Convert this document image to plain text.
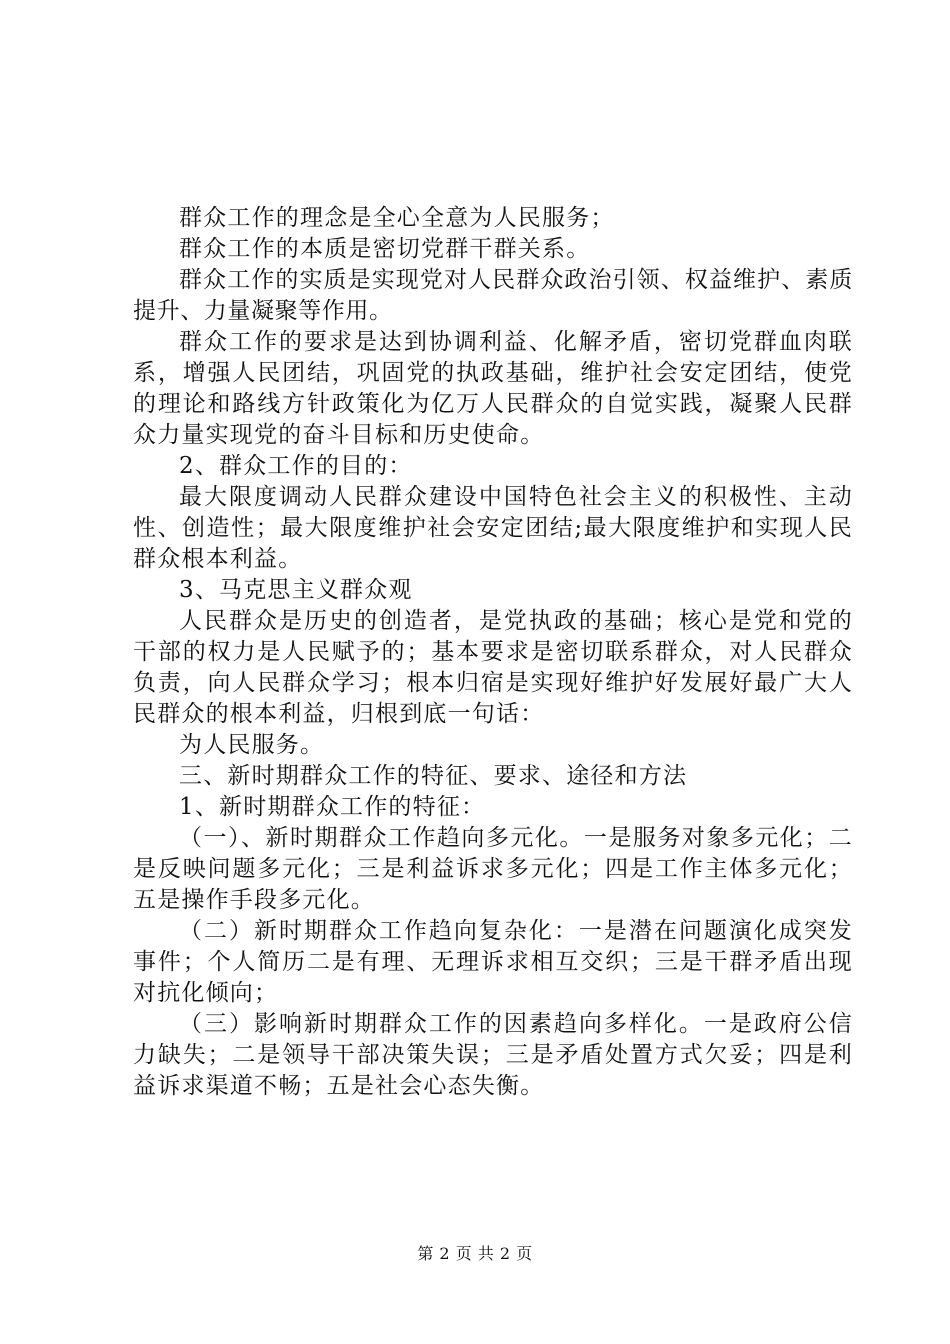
群众工作的理念是全心全意为人民服务；

群众工作的本质是密切党群干群关系。

群众工作的实质是实现党对人民群众政治引领、权益维护、素质提升、力量凝聚等作用。

群众工作的要求是达到协调利益、化解矛盾，密切党群血肉联系，增强人民团结，巩固党的执政基础，维护社会安定团结，使党的理论和路线方针政策化为亿万人民群众的自觉实践，凝聚人民群众力量实现党的奋斗目标和历史使命。

2、群众工作的目的：

最大限度调动人民群众建设中国特色社会主义的积极性、主动性、创造性；最大限度维护社会安定团结;最大限度维护和实现人民群众根本利益。

3、马克思主义群众观

人民群众是历史的创造者，是党执政的基础；核心是党和党的干部的权力是人民赋予的；基本要求是密切联系群众，对人民群众负责，向人民群众学习；根本归宿是实现好维护好发展好最广大人民群众的根本利益，归根到底一句话：

为人民服务。

三、新时期群众工作的特征、要求、途径和方法

1、新时期群众工作的特征：

（一）、新时期群众工作趋向多元化。一是服务对象多元化；二是反映问题多元化；三是利益诉求多元化；四是工作主体多元化；五是操作手段多元化。

（二）新时期群众工作趋向复杂化：一是潜在问题演化成突发事件；个人简历二是有理、无理诉求相互交织；三是干群矛盾出现对抗化倾向；

（三）影响新时期群众工作的因素趋向多样化。一是政府公信力缺失；二是领导干部决策失误；三是矛盾处置方式欠妥；四是利益诉求渠道不畅；五是社会心态失衡。

第 2 页 共 2 页
